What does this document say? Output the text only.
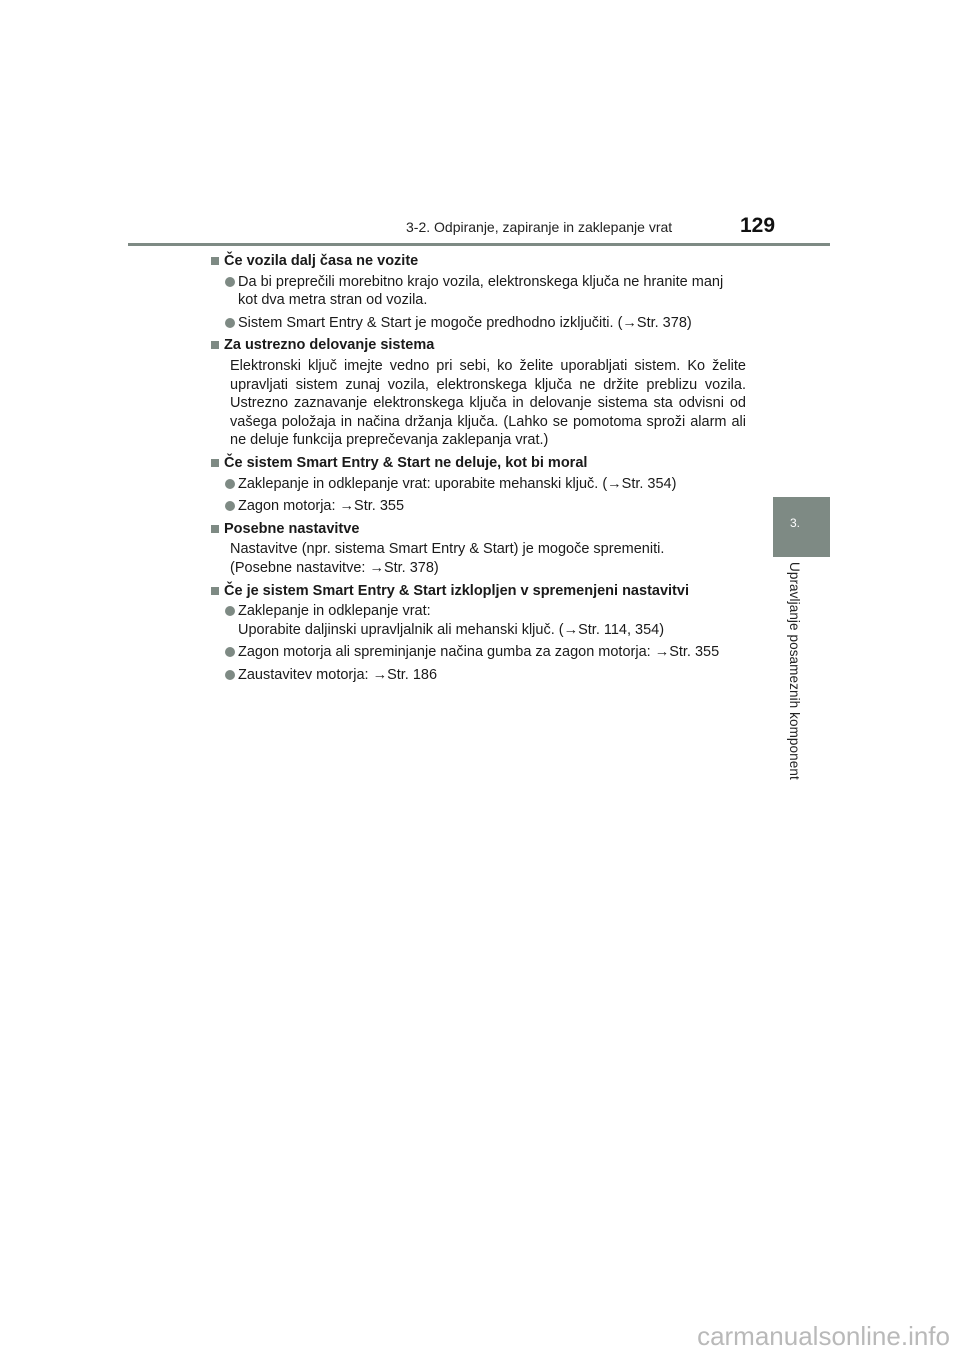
3-2. Odpiranje, zapiranje in zaklepanje vrat	129
3.
Upravljanje posameznih komponent
Če vozila dalj časa ne vozite
Da bi preprečili morebitno krajo vozila, elektronskega ključa ne hranite manj kot dva metra stran od vozila.
Sistem Smart Entry & Start je mogoče predhodno izključiti. (→Str. 378)
Za ustrezno delovanje sistema
Elektronski ključ imejte vedno pri sebi, ko želite uporabljati sistem. Ko želite upravljati sistem zunaj vozila, elektronskega ključa ne držite preblizu vozila. Ustrezno zaznavanje elektronskega ključa in delovanje sistema sta odvisni od vašega položaja in načina držanja ključa. (Lahko se pomotoma sproži alarm ali ne deluje funkcija preprečevanja zaklepanja vrat.)
Če sistem Smart Entry & Start ne deluje, kot bi moral
Zaklepanje in odklepanje vrat: uporabite mehanski ključ. (→Str. 354)
Zagon motorja: →Str. 355
Posebne nastavitve
Nastavitve (npr. sistema Smart Entry & Start) je mogoče spremeniti.
(Posebne nastavitve: →Str. 378)
Če je sistem Smart Entry & Start izklopljen v spremenjeni nastavitvi
Zaklepanje in odklepanje vrat:
Uporabite daljinski upravljalnik ali mehanski ključ. (→Str. 114, 354)
Zagon motorja ali spreminjanje načina gumba za zagon motorja: →Str. 355
Zaustavitev motorja: →Str. 186
carmanualsonline.info
